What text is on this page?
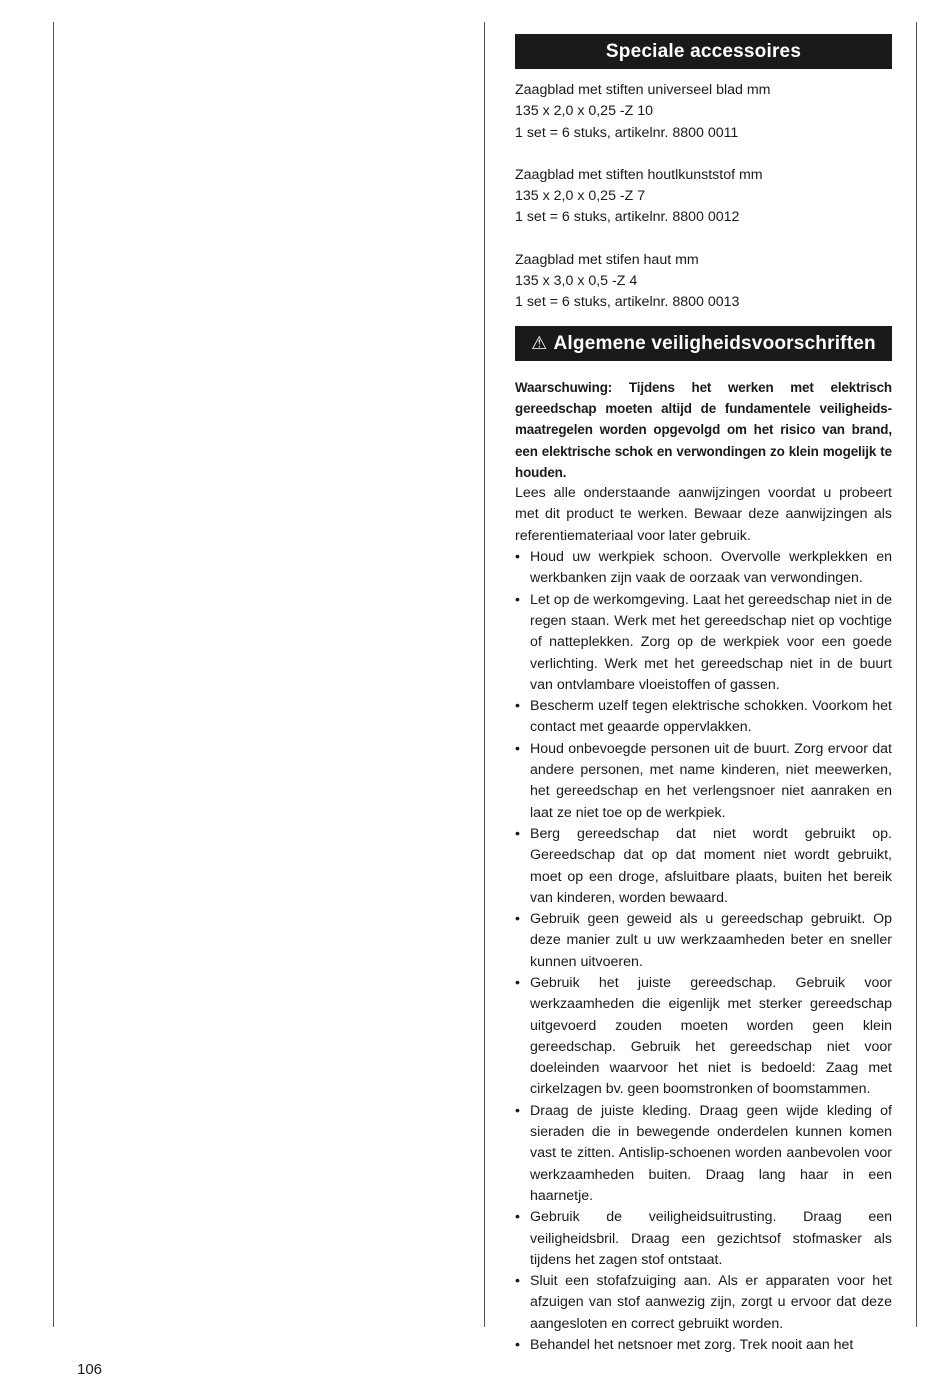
Speciale accessoires

Zaagblad met stiften universeel blad mm

135 x 2,0 x 0,25 -Z 10

1 set = 6 stuks, artikelnr. 8800 0011

Zaagblad met stiften houtlkunststof mm

135 x 2,0 x 0,25 -Z 7

1 set = 6 stuks, artikelnr. 8800 0012

Zaagblad met stifen haut mm

135 x 3,0 x 0,5 -Z 4

1 set = 6 stuks, artikelnr. 8800 0013

⚠ Algemene veiligheidsvoorschriften

Waarschuwing: Tijdens het werken met elektrisch gereedschap moeten altijd de fundamentele veiligheids-maatregelen worden opgevolgd om het risico van brand, een elektrische schok en verwondingen zo klein mogelijk te houden.

Lees alle onderstaande aanwijzingen voordat u probeert met dit product te werken. Bewaar deze aanwijzingen als referentiemateriaal voor later gebruik.

• Houd uw werkpiek schoon. Overvolle werkplekken en werkbanken zijn vaak de oorzaak van verwondingen.
• Let op de werkomgeving. Laat het gereedschap niet in de regen staan. Werk met het gereedschap niet op vochtige of natteplekken. Zorg op de werkpiek voor een goede verlichting. Werk met het gereedschap niet in de buurt van ontvlambare vloeistoffen of gassen.
• Bescherm uzelf tegen elektrische schokken. Voorkom het contact met geaarde oppervlakken.
• Houd onbevoegde personen uit de buurt. Zorg ervoor dat andere personen, met name kinderen, niet meewerken, het gereedschap en het verlengsnoer niet aanraken en laat ze niet toe op de werkpiek.
• Berg gereedschap dat niet wordt gebruikt op. Gereedschap dat op dat moment niet wordt gebruikt, moet op een droge, afsluitbare plaats, buiten het bereik van kinderen, worden bewaard.
• Gebruik geen geweid als u gereedschap gebruikt. Op deze manier zult u uw werkzaamheden beter en sneller kunnen uitvoeren.
• Gebruik het juiste gereedschap. Gebruik voor werkzaamheden die eigenlijk met sterker gereedschap uitgevoerd zouden moeten worden geen klein gereedschap. Gebruik het gereedschap niet voor doeleinden waarvoor het niet is bedoeld: Zaag met cirkelzagen bv. geen boomstronken of boomstammen.
• Draag de juiste kleding. Draag geen wijde kleding of sieraden die in bewegende onderdelen kunnen komen vast te zitten. Antislip-schoenen worden aanbevolen voor werkzaamheden buiten. Draag lang haar in een haarnetje.
• Gebruik de veiligheidsuitrusting. Draag een veiligheidsbril. Draag een gezichtsof stofmasker als tijdens het zagen stof ontstaat.
• Sluit een stofafzuiging aan. Als er apparaten voor het afzuigen van stof aanwezig zijn, zorgt u ervoor dat deze aangesloten en correct gebruikt worden.
• Behandel het netsnoer met zorg. Trek nooit aan het
106
